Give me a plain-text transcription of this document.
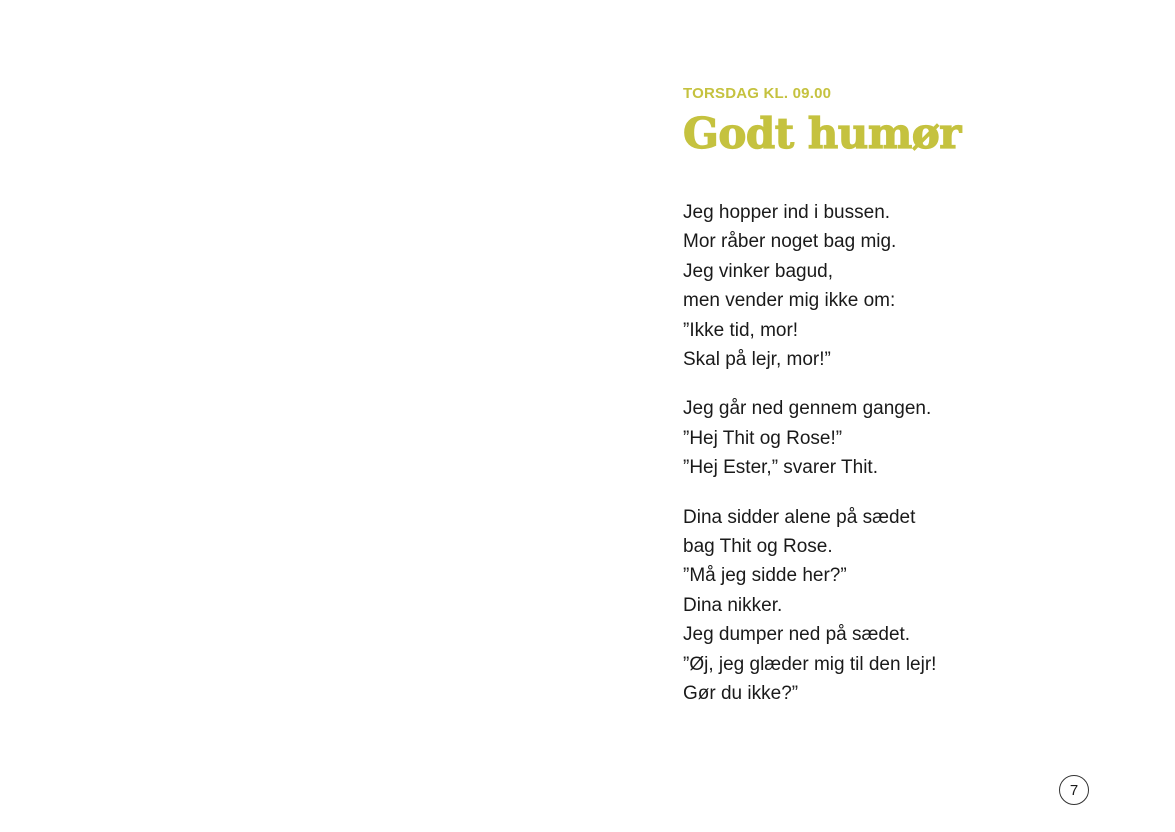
TORSDAG KL. 09.00

Godt humør
Jeg hopper ind i bussen.
Mor råber noget bag mig.
Jeg vinker bagud,
men vender mig ikke om:
”Ikke tid, mor!
Skal på lejr, mor!”
Jeg går ned gennem gangen.
”Hej Thit og Rose!”
”Hej Ester,” svarer Thit.
Dina sidder alene på sædet
bag Thit og Rose.
”Må jeg sidde her?”
Dina nikker.
Jeg dumper ned på sædet.
”Øj, jeg glæder mig til den lejr!
Gør du ikke?”
7
